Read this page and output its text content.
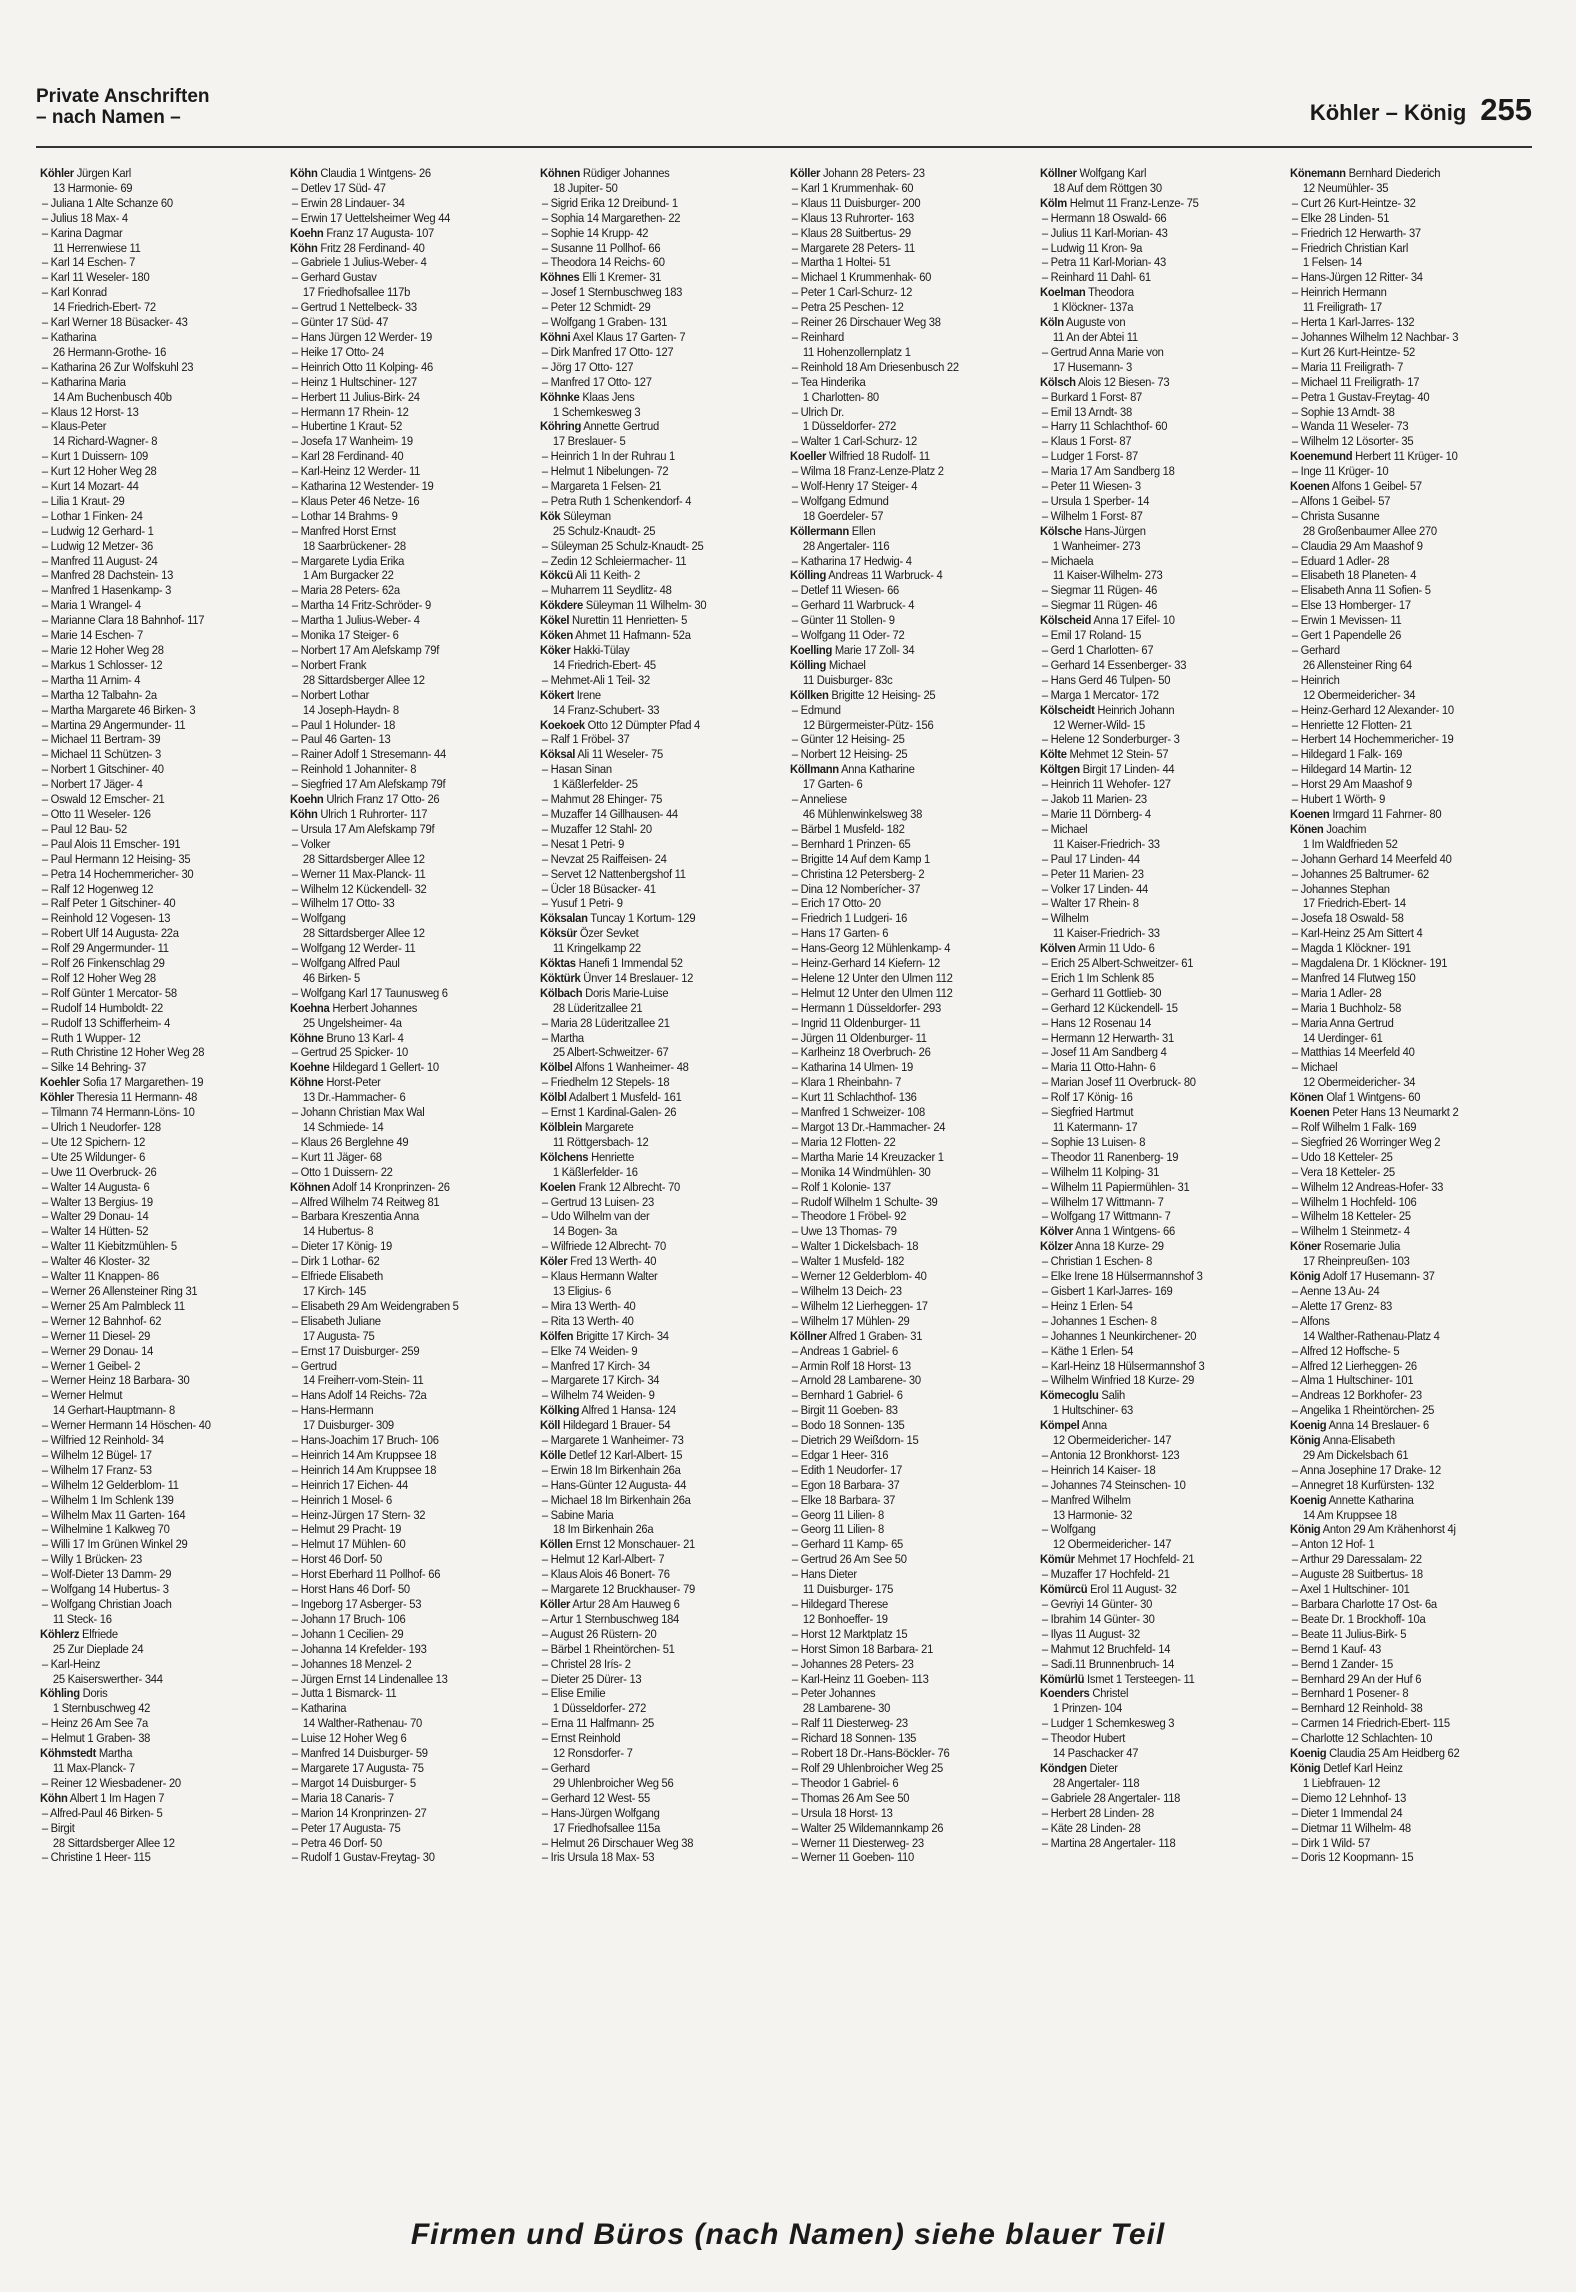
Private Anschriften
– nach Namen –	Köhler – König 255
Köhler Jürgen Karl
13 Harmonie- 69
– Juliana 1 Alte Schanze 60
– Julius 18 Max- 4
– Karina Dagmar
11 Herrenwiese 11
– Karl 14 Eschen- 7
– Karl 11 Weseler- 180
– Karl Konrad
14 Friedrich-Ebert- 72
– Karl Werner 18 Büsacker- 43
– Katharina
26 Hermann-Grothe- 16
– Katharina 26 Zur Wolfskuhl 23
– Katharina Maria
14 Am Buchenbusch 40b
– Klaus 12 Horst- 13
– Klaus-Peter
14 Richard-Wagner- 8
– Kurt 1 Duissern- 109
– Kurt 12 Hoher Weg 28
– Kurt 14 Mozart- 44
– Lilia 1 Kraut- 29
– Lothar 1 Finken- 24
– Ludwig 12 Gerhard- 1
– Ludwig 12 Metzer- 36
– Manfred 11 August- 24
– Manfred 28 Dachstein- 13
– Manfred 1 Hasenkamp- 3
– Maria 1 Wrangel- 4
– Marianne Clara 18 Bahnhof- 117
– Marie 14 Eschen- 7
– Marie 12 Hoher Weg 28
– Markus 1 Schlosser- 12
– Martha 11 Arnim- 4
– Martha 12 Talbahn- 2a
– Martha Margarete 46 Birken- 3
– Martina 29 Angermunder- 11
– Michael 11 Bertram- 39
– Michael 11 Schützen- 3
– Norbert 1 Gitschiner- 40
– Norbert 17 Jäger- 4
– Oswald 12 Emscher- 21
– Otto 11 Weseler- 126
– Paul 12 Bau- 52
– Paul Alois 11 Emscher- 191
– Paul Hermann 12 Heising- 35
– Petra 14 Hochemmericher- 30
– Ralf 12 Hogenweg 12
– Ralf Peter 1 Gitschiner- 40
– Reinhold 12 Vogesen- 13
– Robert Ulf 14 Augusta- 22a
– Rolf 29 Angermunder- 11
– Rolf 26 Finkenschlag 29
– Rolf 12 Hoher Weg 28
– Rolf Günter 1 Mercator- 58
– Rudolf 14 Humboldt- 22
– Rudolf 13 Schifferheim- 4
– Ruth 1 Wupper- 12
– Ruth Christine 12 Hoher Weg 28
– Silke 14 Behring- 37
Koehler Sofia 17 Margarethen- 19
Köhler Theresia 11 Hermann- 48
– Tilmann 74 Hermann-Löns- 10
– Ulrich 1 Neudorfer- 128
– Ute 12 Spichern- 12
– Ute 25 Wildunger- 6
– Uwe 11 Overbruck- 26
– Walter 14 Augusta- 6
– Walter 13 Bergius- 19
– Walter 29 Donau- 14
– Walter 14 Hütten- 52
– Walter 11 Kiebitzmühlen- 5
– Walter 46 Kloster- 32
– Walter 11 Knappen- 86
– Werner 26 Allensteiner Ring 31
– Werner 25 Am Palmbleck 11
– Werner 12 Bahnhof- 62
– Werner 11 Diesel- 29
– Werner 29 Donau- 14
– Werner 1 Geibel- 2
– Werner Heinz 18 Barbara- 30
– Werner Helmut
14 Gerhart-Hauptmann- 8
– Werner Hermann 14 Höschen- 40
– Wilfried 12 Reinhold- 34
– Wilhelm 12 Bügel- 17
– Wilhelm 17 Franz- 53
– Wilhelm 12 Gelderblom- 11
– Wilhelm 1 Im Schlenk 139
– Wilhelm Max 11 Garten- 164
– Wilhelmine 1 Kalkweg 70
– Willi 17 Im Grünen Winkel 29
– Willy 1 Brücken- 23
– Wolf-Dieter 13 Damm- 29
– Wolfgang 14 Hubertus- 3
– Wolfgang Christian Joach
11 Steck- 16
Köhlerz Elfriede
25 Zur Dieplade 24
– Karl-Heinz
25 Kaiserswerther- 344
Köhling Doris
1 Sternbuschweg 42
– Heinz 26 Am See 7a
– Helmut 1 Graben- 38
Köhmstedt Martha
11 Max-Planck- 7
– Reiner 12 Wiesbadener- 20
Köhn Albert 1 Im Hagen 7
– Alfred-Paul 46 Birken- 5
– Birgit
28 Sittardsberger Allee 12
– Christine 1 Heer- 115
Köhn Claudia 1 Wintgens- 26
– Detlev 17 Süd- 47
– Erwin 28 Lindauer- 34
– Erwin 17 Uettelsheimer Weg 44
Koehn Franz 17 Augusta- 107
Köhn Fritz 28 Ferdinand- 40
– Gabriele 1 Julius-Weber- 4
– Gerhard Gustav
17 Friedhofsallee 117b
– Gertrud 1 Nettelbeck- 33
– Günter 17 Süd- 47
– Hans Jürgen 12 Werder- 19
– Heike 17 Otto- 24
– Heinrich Otto 11 Kolping- 46
– Heinz 1 Hultschiner- 127
– Herbert 11 Julius-Birk- 24
– Hermann 17 Rhein- 12
– Hubertine 1 Kraut- 52
– Josefa 17 Wanheim- 19
– Karl 28 Ferdinand- 40
– Karl-Heinz 12 Werder- 11
– Katharina 12 Westender- 19
– Klaus Peter 46 Netze- 16
– Lothar 14 Brahms- 9
– Manfred Horst Ernst
18 Saarbrückener- 28
– Margarete Lydia Erika
1 Am Burgacker 22
– Maria 28 Peters- 62a
– Martha 14 Fritz-Schröder- 9
– Martha 1 Julius-Weber- 4
– Monika 17 Steiger- 6
– Norbert 17 Am Alefskamp 79f
– Norbert Frank
28 Sittardsberger Allee 12
– Norbert Lothar
14 Joseph-Haydn- 8
– Paul 1 Holunder- 18
– Paul 46 Garten- 13
– Rainer Adolf 1 Stresemann- 44
– Reinhold 1 Johanniter- 8
– Siegfried 17 Am Alefskamp 79f
Koehn Ulrich Franz 17 Otto- 26
Köhn Ulrich 1 Ruhrorter- 117
– Ursula 17 Am Alefskamp 79f
– Volker
28 Sittardsberger Allee 12
– Werner 11 Max-Planck- 11
– Wilhelm 12 Kückendell- 32
– Wilhelm 17 Otto- 33
– Wolfgang
28 Sittardsberger Allee 12
– Wolfgang 12 Werder- 11
– Wolfgang Alfred Paul
46 Birken- 5
– Wolfgang Karl 17 Taunusweg 6
Koehna Herbert Johannes
25 Ungelsheimer- 4a
Köhne Bruno 13 Karl- 4
– Gertrud 25 Spicker- 10
Koehne Hildegard 1 Gellert- 10
Köhne Horst-Peter
13 Dr.-Hammacher- 6
– Johann Christian Max Wal
14 Schmiede- 14
– Klaus 26 Berglehne 49
– Kurt 11 Jäger- 68
– Otto 1 Duissern- 22
Köhnen Adolf 14 Kronprinzen- 26
– Alfred Wilhelm 74 Reitweg 81
– Barbara Kreszentia Anna
14 Hubertus- 8
– Dieter 17 König- 19
– Dirk 1 Lothar- 62
– Elfriede Elisabeth
17 Kirch- 145
– Elisabeth 29 Am Weidengraben 5
– Elisabeth Juliane
17 Augusta- 75
– Ernst 17 Duisburger- 259
– Gertrud
14 Freiherr-vom-Stein- 11
– Hans Adolf 14 Reichs- 72a
– Hans-Hermann
17 Duisburger- 309
– Hans-Joachim 17 Bruch- 106
– Heinrich 14 Am Kruppsee 18
– Heinrich 14 Am Kruppsee 18
– Heinrich 17 Eichen- 44
– Heinrich 1 Mosel- 6
– Heinz-Jürgen 17 Stern- 32
– Helmut 29 Pracht- 19
– Helmut 17 Mühlen- 60
– Horst 46 Dorf- 50
– Horst Eberhard 11 Pollhof- 66
– Horst Hans 46 Dorf- 50
– Ingeborg 17 Asberger- 53
– Johann 17 Bruch- 106
– Johann 1 Cecilien- 29
– Johanna 14 Krefelder- 193
– Johannes 18 Menzel- 2
– Jürgen Ernst 14 Lindenallee 13
– Jutta 1 Bismarck- 11
– Katharina
14 Walther-Rathenau- 70
– Luise 12 Hoher Weg 6
– Manfred 14 Duisburger- 59
– Margarete 17 Augusta- 75
– Margot 14 Duisburger- 5
– Maria 18 Canaris- 7
– Marion 14 Kronprinzen- 27
– Peter 17 Augusta- 75
– Petra 46 Dorf- 50
– Rudolf 1 Gustav-Freytag- 30
Köhnen Rüdiger Johannes
18 Jupiter- 50
– Sigrid Erika 12 Dreibund- 1
– Sophia 14 Margarethen- 22
– Sophie 14 Krupp- 42
– Susanne 11 Pollhof- 66
– Theodora 14 Reichs- 60
Köhnes Elli 1 Kremer- 31
– Josef 1 Sternbuschweg 183
– Peter 12 Schmidt- 29
– Wolfgang 1 Graben- 131
Köhni Axel Klaus 17 Garten- 7
– Dirk Manfred 17 Otto- 127
– Jörg 17 Otto- 127
– Manfred 17 Otto- 127
Köhnke Klaas Jens
1 Schemkesweg 3
Köhring Annette Gertrud
17 Breslauer- 5
– Heinrich 1 In der Ruhrau 1
– Helmut 1 Nibelungen- 72
– Margareta 1 Felsen- 21
– Petra Ruth 1 Schenkendorf- 4
Kök Süleyman
25 Schulz-Knaudt- 25
– Süleyman 25 Schulz-Knaudt- 25
– Zedin 12 Schleiermacher- 11
Kökcü Ali 11 Keith- 2
– Muharrem 11 Seydlitz- 48
Kökdere Süleyman 11 Wilhelm- 30
Kökel Nurettin 11 Henrietten- 5
Köken Ahmet 11 Hafmann- 52a
Köker Hakki-Tülay
14 Friedrich-Ebert- 45
– Mehmet-Ali 1 Teil- 32
Kökert Irene
14 Franz-Schubert- 33
Koekoek Otto 12 Dümpter Pfad 4
– Ralf 1 Fröbel- 37
Köksal Ali 11 Weseler- 75
– Hasan Sinan
1 Käßlerfelder- 25
– Mahmut 28 Ehinger- 75
– Muzaffer 14 Gillhausen- 44
– Muzaffer 12 Stahl- 20
– Nesat 1 Petri- 9
– Nevzat 25 Raiffeisen- 24
– Servet 12 Nattenbergshof 11
– Ücler 18 Büsacker- 41
– Yusuf 1 Petri- 9
Köksalan Tuncay 1 Kortum- 129
Köksür Özer Sevket
11 Kringelkamp 22
Köktas Hanefi 1 Immendal 52
Köktürk Ünver 14 Breslauer- 12
Kölbach Doris Marie-Luise
28 Lüderitzallee 21
– Maria 28 Lüderitzallee 21
– Martha
25 Albert-Schweitzer- 67
Kölbel Alfons 1 Wanheimer- 48
– Friedhelm 12 Stepels- 18
Kölbl Adalbert 1 Musfeld- 161
– Ernst 1 Kardinal-Galen- 26
Kölblein Margarete
11 Röttgersbach- 12
Kölchens Henriette
1 Käßlerfelder- 16
Koelen Frank 12 Albrecht- 70
– Gertrud 13 Luisen- 23
– Udo Wilhelm van der
14 Bogen- 3a
– Wilfriede 12 Albrecht- 70
Köler Fred 13 Werth- 40
– Klaus Hermann Walter
13 Eligius- 6
– Mira 13 Werth- 40
– Rita 13 Werth- 40
Kölfen Brigitte 17 Kirch- 34
– Elke 74 Weiden- 9
– Manfred 17 Kirch- 34
– Margarete 17 Kirch- 34
– Wilhelm 74 Weiden- 9
Kölking Alfred 1 Hansa- 124
Köll Hildegard 1 Brauer- 54
– Margarete 1 Wanheimer- 73
Kölle Detlef 12 Karl-Albert- 15
– Erwin 18 Im Birkenhain 26a
– Hans-Günter 12 Augusta- 44
– Michael 18 Im Birkenhain 26a
– Sabine Maria
18 Im Birkenhain 26a
Köllen Ernst 12 Monschauer- 21
– Helmut 12 Karl-Albert- 7
– Klaus Alois 46 Bonert- 76
– Margarete 12 Bruckhauser- 79
Köller Artur 28 Am Hauweg 6
– Artur 1 Sternbuschweg 184
– August 26 Rüstern- 20
– Bärbel 1 Rheintörchen- 51
– Christel 28 Irís- 2
– Dieter 25 Dürer- 13
– Elise Emilie
1 Düsseldorfer- 272
– Erna 11 Halfmann- 25
– Ernst Reinhold
12 Ronsdorfer- 7
– Gerhard
29 Uhlenbroicher Weg 56
– Gerhard 12 West- 55
– Hans-Jürgen Wolfgang
17 Friedhofsallee 115a
– Helmut 26 Dirschauer Weg 38
– Iris Ursula 18 Max- 53
Köller Johann 28 Peters- 23
– Karl 1 Krummenhak- 60
– Klaus 11 Duisburger- 200
– Klaus 13 Ruhrorter- 163
– Klaus 28 Suitbertus- 29
– Margarete 28 Peters- 11
– Martha 1 Holtei- 51
– Michael 1 Krummenhak- 60
– Peter 1 Carl-Schurz- 12
– Petra 25 Peschen- 12
– Reiner 26 Dirschauer Weg 38
– Reinhard
11 Hohenzollernplatz 1
– Reinhold 18 Am Driesenbusch 22
– Tea Hinderika
1 Charlotten- 80
– Ulrich Dr.
1 Düsseldorfer- 272
– Walter 1 Carl-Schurz- 12
Koeller Wilfried 18 Rudolf- 11
– Wilma 18 Franz-Lenze-Platz 2
– Wolf-Henry 17 Steiger- 4
– Wolfgang Edmund
18 Goerdeler- 57
Köllermann Ellen
28 Angertaler- 116
– Katharina 17 Hedwig- 4
Kölling Andreas 11 Warbruck- 4
– Detlef 11 Wiesen- 66
– Gerhard 11 Warbruck- 4
– Günter 11 Stollen- 9
– Wolfgang 11 Oder- 72
Koelling Marie 17 Zoll- 34
Kölling Michael
11 Duisburger- 83c
Köllken Brigitte 12 Heising- 25
– Edmund
12 Bürgermeister-Pütz- 156
– Günter 12 Heising- 25
– Norbert 12 Heising- 25
Köllmann Anna Katharine
17 Garten- 6
– Anneliese
46 Mühlenwinkelsweg 38
– Bärbel 1 Musfeld- 182
– Bernhard 1 Prinzen- 65
– Brigitte 14 Auf dem Kamp 1
– Christina 12 Petersberg- 2
– Dina 12 Nomberícher- 37
– Erich 17 Otto- 20
– Friedrich 1 Ludgeri- 16
– Hans 17 Garten- 6
– Hans-Georg 12 Mühlenkamp- 4
– Heinz-Gerhard 14 Kiefern- 12
– Helene 12 Unter den Ulmen 112
– Helmut 12 Unter den Ulmen 112
– Hermann 1 Düsseldorfer- 293
– Ingrid 11 Oldenburger- 11
– Jürgen 11 Oldenburger- 11
– Karlheinz 18 Overbruch- 26
– Katharina 14 Ulmen- 19
– Klara 1 Rheinbahn- 7
– Kurt 11 Schlachthof- 136
– Manfred 1 Schweizer- 108
– Margot 13 Dr.-Hammacher- 24
– Maria 12 Flotten- 22
– Martha Marie 14 Kreuzacker 1
– Monika 14 Windmühlen- 30
– Rolf 1 Kolonie- 137
– Rudolf Wilhelm 1 Schulte- 39
– Theodore 1 Fröbel- 92
– Uwe 13 Thomas- 79
– Walter 1 Dickelsbach- 18
– Walter 1 Musfeld- 182
– Werner 12 Gelderblom- 40
– Wilhelm 13 Deich- 23
– Wilhelm 12 Lierheggen- 17
– Wilhelm 17 Mühlen- 29
Köllner Alfred 1 Graben- 31
– Andreas 1 Gabriel- 6
– Armin Rolf 18 Horst- 13
– Arnold 28 Lambarene- 30
– Bernhard 1 Gabriel- 6
– Birgit 11 Goeben- 83
– Bodo 18 Sonnen- 135
– Dietrich 29 Weißdorn- 15
– Edgar 1 Heer- 316
– Edith 1 Neudorfer- 17
– Egon 18 Barbara- 37
– Elke 18 Barbara- 37
– Georg 11 Lilien- 8
– Georg 11 Lilien- 8
– Gerhard 11 Kamp- 65
– Gertrud 26 Am See 50
– Hans Dieter
11 Duisburger- 175
– Hildegard Therese
12 Bonhoeffer- 19
– Horst 12 Marktplatz 15
– Horst Simon 18 Barbara- 21
– Johannes 28 Peters- 23
– Karl-Heinz 11 Goeben- 113
– Peter Johannes
28 Lambarene- 30
– Ralf 11 Diesterweg- 23
– Richard 18 Sonnen- 135
– Robert 18 Dr.-Hans-Böckler- 76
– Rolf 29 Uhlenbroicher Weg 25
– Theodor 1 Gabriel- 6
– Thomas 26 Am See 50
– Ursula 18 Horst- 13
– Walter 25 Wildemannkamp 26
– Werner 11 Diesterweg- 23
– Werner 11 Goeben- 110
Köllner Wolfgang Karl
18 Auf dem Röttgen 30
Kölm Helmut 11 Franz-Lenze- 75
– Hermann 18 Oswald- 66
– Julius 11 Karl-Morian- 43
– Ludwig 11 Kron- 9a
– Petra 11 Karl-Morian- 43
– Reinhard 11 Dahl- 61
Koelman Theodora
1 Klöckner- 137a
Köln Auguste von
11 An der Abtei 11
– Gertrud Anna Marie von
17 Husemann- 3
Kölsch Alois 12 Biesen- 73
– Burkard 1 Forst- 87
– Emil 13 Arndt- 38
– Harry 11 Schlachthof- 60
– Klaus 1 Forst- 87
– Ludger 1 Forst- 87
– Maria 17 Am Sandberg 18
– Peter 11 Wiesen- 3
– Ursula 1 Sperber- 14
– Wilhelm 1 Forst- 87
Kölsche Hans-Jürgen
1 Wanheimer- 273
– Michaela
11 Kaiser-Wilhelm- 273
– Siegmar 11 Rügen- 46
– Siegmar 11 Rügen- 46
Kölscheid Anna 17 Eifel- 10
– Emil 17 Roland- 15
– Gerd 1 Charlotten- 67
– Gerhard 14 Essenberger- 33
– Hans Gerd 46 Tulpen- 50
– Marga 1 Mercator- 172
Kölscheidt Heinrich Johann
12 Werner-Wild- 15
– Helene 12 Sonderburger- 3
Költe Mehmet 12 Stein- 57
Költgen Birgit 17 Linden- 44
– Heinrich 11 Wehofer- 127
– Jakob 11 Marien- 23
– Marie 11 Dörnberg- 4
– Michael
11 Kaiser-Friedrich- 33
– Paul 17 Linden- 44
– Peter 11 Marien- 23
– Volker 17 Linden- 44
– Walter 17 Rhein- 8
– Wilhelm
11 Kaiser-Friedrich- 33
Kölven Armin 11 Udo- 6
– Erich 25 Albert-Schweitzer- 61
– Erich 1 Im Schlenk 85
– Gerhard 11 Gottlieb- 30
– Gerhard 12 Kückendell- 15
– Hans 12 Rosenau 14
– Hermann 12 Herwarth- 31
– Josef 11 Am Sandberg 4
– Maria 11 Otto-Hahn- 6
– Marian Josef 11 Overbruck- 80
– Rolf 17 König- 16
– Siegfried Hartmut
11 Katermann- 17
– Sophie 13 Luisen- 8
– Theodor 11 Ranenberg- 19
– Wilhelm 11 Kolping- 31
– Wilhelm 11 Papiermühlen- 31
– Wilhelm 17 Wittmann- 7
– Wolfgang 17 Wittmann- 7
Kölver Anna 1 Wintgens- 66
Kölzer Anna 18 Kurze- 29
– Christian 1 Eschen- 8
– Elke Irene 18 Hülsermannshof 3
– Gisbert 1 Karl-Jarres- 169
– Heinz 1 Erlen- 54
– Johannes 1 Eschen- 8
– Johannes 1 Neunkirchener- 20
– Käthe 1 Erlen- 54
– Karl-Heinz 18 Hülsermannshof 3
– Wilhelm Winfried 18 Kurze- 29
Kömecoglu Salih
1 Hultschiner- 63
Kömpel Anna
12 Obermeidericher- 147
– Antonia 12 Bronkhorst- 123
– Heinrich 14 Kaiser- 18
– Johannes 74 Steinschen- 10
– Manfred Wilhelm
13 Harmonie- 32
– Wolfgang
12 Obermeidericher- 147
Kömür Mehmet 17 Hochfeld- 21
– Muzaffer 17 Hochfeld- 21
Kömürcü Erol 11 August- 32
– Gevriyi 14 Günter- 30
– Ibrahim 14 Günter- 30
– Ilyas 11 August- 32
– Mahmut 12 Bruchfeld- 14
– Sadi.11 Brunnenbruch- 14
Kömürlü Ismet 1 Tersteegen- 11
Koenders Christel
1 Prinzen- 104
– Ludger 1 Schemkesweg 3
– Theodor Hubert
14 Paschacker 47
Köndgen Dieter
28 Angertaler- 118
– Gabriele 28 Angertaler- 118
– Herbert 28 Linden- 28
– Käte 28 Linden- 28
– Martina 28 Angertaler- 118
Könemann Bernhard Diederich
12 Neumühler- 35
– Curt 26 Kurt-Heintze- 32
– Elke 28 Linden- 51
– Friedrich 12 Herwarth- 37
– Friedrich Christian Karl
1 Felsen- 14
– Hans-Jürgen 12 Ritter- 34
– Heinrich Hermann
11 Freiligrath- 17
– Herta 1 Karl-Jarres- 132
– Johannes Wilhelm 12 Nachbar- 3
– Kurt 26 Kurt-Heintze- 52
– Maria 11 Freiligrath- 7
– Michael 11 Freiligrath- 17
– Petra 1 Gustav-Freytag- 40
– Sophie 13 Arndt- 38
– Wanda 11 Weseler- 73
– Wilhelm 12 Lösorter- 35
Koenemund Herbert 11 Krüger- 10
– Inge 11 Krüger- 10
Koenen Alfons 1 Geibel- 57
– Alfons 1 Geibel- 57
– Christa Susanne
28 Großenbaumer Allee 270
– Claudia 29 Am Maashof 9
– Eduard 1 Adler- 28
– Elisabeth 18 Planeten- 4
– Elisabeth Anna 11 Sofien- 5
– Else 13 Homberger- 17
– Erwin 1 Mevissen- 11
– Gert 1 Papendelle 26
– Gerhard
26 Allensteiner Ring 64
– Heinrich
12 Obermeidericher- 34
– Heinz-Gerhard 12 Alexander- 10
– Henriette 12 Flotten- 21
– Herbert 14 Hochemmericher- 19
– Hildegard 1 Falk- 169
– Hildegard 14 Martin- 12
– Horst 29 Am Maashof 9
– Hubert 1 Wörth- 9
Koenen Irmgard 11 Fahrner- 80
Könen Joachim
1 Im Waldfrieden 52
– Johann Gerhard 14 Meerfeld 40
– Johannes 25 Baltrumer- 62
– Johannes Stephan
17 Friedrich-Ebert- 14
– Josefa 18 Oswald- 58
– Karl-Heinz 25 Am Sittert 4
– Magda 1 Klöckner- 191
– Magdalena Dr. 1 Klöckner- 191
– Manfred 14 Flutweg 150
– Maria 1 Adler- 28
– Maria 1 Buchholz- 58
– Maria Anna Gertrud
14 Uerdinger- 61
– Matthias 14 Meerfeld 40
– Michael
12 Obermeidericher- 34
Könen Olaf 1 Wintgens- 60
Koenen Peter Hans 13 Neumarkt 2
– Rolf Wilhelm 1 Falk- 169
– Siegfried 26 Worringer Weg 2
– Udo 18 Ketteler- 25
– Vera 18 Ketteler- 25
– Wilhelm 12 Andreas-Hofer- 33
– Wilhelm 1 Hochfeld- 106
– Wilhelm 18 Ketteler- 25
– Wilhelm 1 Steinmetz- 4
Köner Rosemarie Julia
17 Rheinpreußen- 103
König Adolf 17 Husemann- 37
– Aenne 13 Au- 24
– Alette 17 Grenz- 83
– Alfons
14 Walther-Rathenau-Platz 4
– Alfred 12 Hoffsche- 5
– Alfred 12 Lierheggen- 26
– Alma 1 Hultschiner- 101
– Andreas 12 Borkhofer- 23
– Angelika 1 Rheintörchen- 25
Koenig Anna 14 Breslauer- 6
König Anna-Elisabeth
29 Am Dickelsbach 61
– Anna Josephine 17 Drake- 12
– Annegret 18 Kurfürsten- 132
Koenig Annette Katharina
14 Am Kruppsee 18
König Anton 29 Am Krähenhorst 4j
– Anton 12 Hof- 1
– Arthur 29 Daressalam- 22
– Auguste 28 Suitbertus- 18
– Axel 1 Hultschiner- 101
– Barbara Charlotte 17 Ost- 6a
– Beate Dr. 1 Brockhoff- 10a
– Beate 11 Julius-Birk- 5
– Bernd 1 Kauf- 43
– Bernd 1 Zander- 15
– Bernhard 29 An der Huf 6
– Bernhard 1 Posener- 8
– Bernhard 12 Reinhold- 38
– Carmen 14 Friedrich-Ebert- 115
– Charlotte 12 Schlachten- 10
Koenig Claudia 25 Am Heidberg 62
König Detlef Karl Heinz
1 Liebfrauen- 12
– Diemo 12 Lehnhof- 13
– Dieter 1 Immendal 24
– Dietmar 11 Wilhelm- 48
– Dirk 1 Wild- 57
– Doris 12 Koopmann- 15
Firmen und Büros (nach Namen) siehe blauer Teil
